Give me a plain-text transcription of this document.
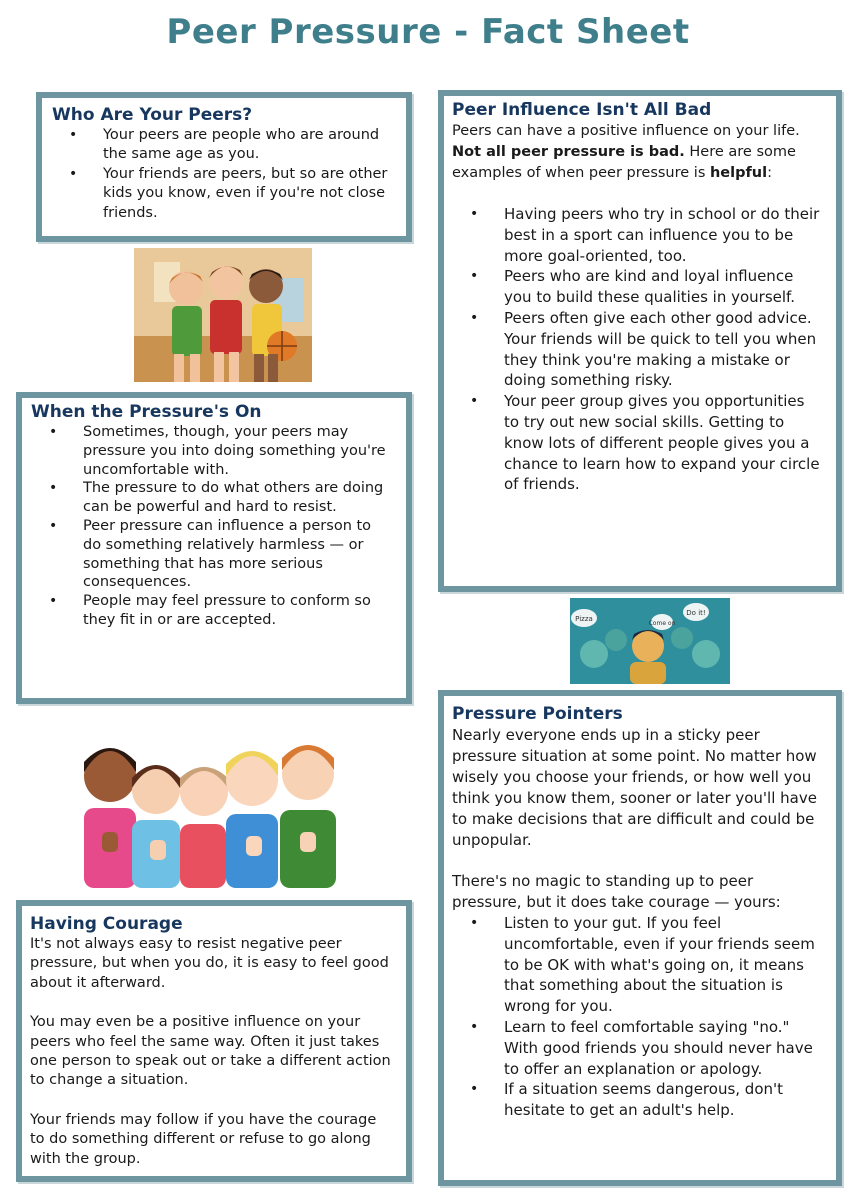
Peer Pressure - Fact Sheet
Who Are Your Peers?
• Your peers are people who are around the same age as you.
• Your friends are peers, but so are other kids you know, even if you're not close friends.
Peer Influence Isn't All Bad

Peers can have a positive influence on your life. Not all peer pressure is bad. Here are some examples of when peer pressure is helpful:

• Having peers who try in school or do their best in a sport can influence you to be more goal-oriented, too.
• Peers who are kind and loyal influence you to build these qualities in yourself.
• Peers often give each other good advice. Your friends will be quick to tell you when they think you're making a mistake or doing something risky.
• Your peer group gives you opportunities to try out new social skills. Getting to know lots of different people gives you a chance to learn how to expand your circle of friends.
When the Pressure's On
• Sometimes, though, your peers may pressure you into doing something you're uncomfortable with.
• The pressure to do what others are doing can be powerful and hard to resist.
• Peer pressure can influence a person to do something relatively harmless — or something that has more serious consequences.
• People may feel pressure to conform so they fit in or are accepted.	Pizza
Do it!
Come on
Pressure Pointers

Nearly everyone ends up in a sticky peer pressure situation at some point. No matter how wisely you choose your friends, or how well you think you know them, sooner or later you'll have to make decisions that are difficult and could be unpopular.

There's no magic to standing up to peer pressure, but it does take courage — yours:

• Listen to your gut. If you feel uncomfortable, even if your friends seem to be OK with what's going on, it means that something about the situation is wrong for you.
• Learn to feel comfortable saying "no." With good friends you should never have to offer an explanation or apology.
• If a situation seems dangerous, don't hesitate to get an adult's help.
Having Courage

It's not always easy to resist negative peer pressure, but when you do, it is easy to feel good about it afterward.

You may even be a positive influence on your peers who feel the same way. Often it just takes one person to speak out or take a different action to change a situation.

Your friends may follow if you have the courage to do something different or refuse to go along with the group.
